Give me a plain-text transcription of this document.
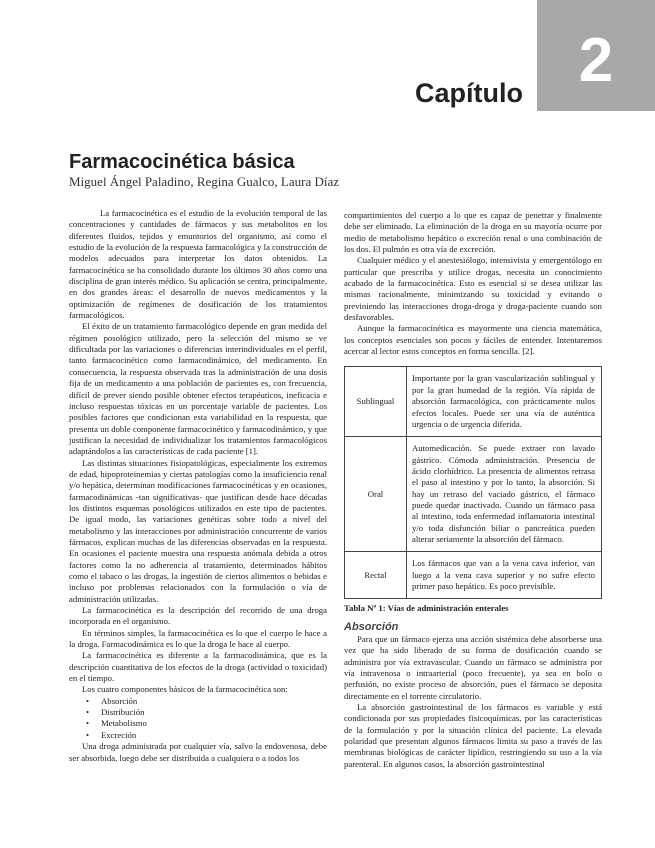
2
Capítulo
Farmacocinética básica
Miguel Ángel Paladino, Regina Gualco, Laura Díaz

La farmacocinética es el estudio de la evolución temporal de las concentraciones y cantidades de fármacos y sus metabolitos en los diferentes fluidos, tejidos y emuntorios del organismo, así como el estudio de la evolución de la respuesta farmacológica y la construcción de modelos adecuados para interpretar los datos obtenidos. La farmacocinética se ha consolidado durante los últimos 30 años como una disciplina de gran interés médico. Su aplicación se centra, principalmente, en dos grandes áreas: el desarrollo de nuevos medicamentos y la optimización de regímenes de dosificación de los tratamientos farmacológicos.

El éxito de un tratamiento farmacológico depende en gran medida del régimen posológico utilizado, pero la selección del mismo se ve dificultada por las variaciones o diferencias interindividuales en el perfil, tanto farmacocinético como farmacodinámico, del medicamento. En consecuencia, la respuesta observada tras la administración de una dosis fija de un medicamento a una población de pacientes es, con frecuencia, difícil de prever siendo posible obtener efectos terapéuticos, ineficacia e incluso respuestas tóxicas en un porcentaje variable de pacientes. Los posibles factores que condicionan esta variabilidad en la respuesta, que presenta un doble componente farmacocinético y farmacodinámico, y que justifican la necesidad de individualizar los tratamientos farmacológicos adaptándolos a las características de cada paciente [1].

Las distintas situaciones fisiopatológicas, especialmente los extremos de edad, hipoproteinemias y ciertas patologías como la insuficiencia renal y/o hepática, determinan modificaciones farmacocinéticas y en ocasiones, farmacodinámicas -tan significativas- que justifican desde hace décadas los distintos esquemas posológicos utilizados en este tipo de pacientes. De igual modo, las variaciones genéticas sobre todo a nivel del metabolismo y las interacciones por administración concurrente de varios fármacos, explican muchas de las diferencias observadas en la respuesta. En ocasiones el paciente muestra una respuesta anómala debida a otros factores como la no adherencia al tratamiento, determinados hábitos como el tabaco o las drogas, la ingestión de ciertos alimentos o bebidas e incluso por problemas relacionados con la formulación o vía de administración utilizadas.

La farmacocinética es la descripción del recorrido de una droga incorporada en el organismo.

En términos simples, la farmacocinética es lo que el cuerpo le hace a la droga. Farmacodinámica es lo que la droga le hace al cuerpo.

La farmacocinética es diferente a la farmacodinámica, que es la descripción cuantitativa de los efectos de la droga (actividad o toxicidad) en el tiempo.

Los cuatro componentes básicos de la farmacocinética son:

• Absorción
• Distribución
• Metabolismo
• Excreción

Una droga administrada por cualquier vía, salvo la endovenosa, debe ser absorbida, luego debe ser distribuida a cualquiera o a todos los

compartimientos del cuerpo a lo que es capaz de penetrar y finalmente debe ser eliminado. La eliminación de la droga en su mayoría ocurre por medio de metabolismo hepático o excreción renal o una combinación de los dos. El pulmón es otra vía de excreción.

Cualquier médico y el anestesiólogo, intensivista y emergentólogo en particular que prescriba y utilice drogas, necesita un conocimiento acabado de la farmacocinética. Esto es esencial si se desea utilizar las mismas racionalmente, minimizando su toxicidad y evitando o previniendo las interacciones droga-droga y droga-paciente cuando son desfavorables.

Aunque la farmacocinética es mayormente una ciencia matemática, los conceptos esenciales son pocos y fáciles de entender. Intentaremos acercar al lector estos conceptos en forma sencilla. [2].

Sublingual	Importante por la gran vascularización sublingual y por la gran humedad de la región. Vía rápida de absorción farmacológica, con prácticamente nulos efectos locales. Puede ser una vía de auténtica urgencia o de urgencia diferida.
Oral	Automedicación. Se puede extraer con lavado gástrico. Cómoda administración. Presencia de ácido clorhídrico. La presencia de alimentos retrasa el paso al intestino y por lo tanto, la absorción. Si hay un retraso del vaciado gástrico, el fármaco puede quedar inactivado. Cuando un fármaco pasa al intestino, toda enfermedad inflamatoria intestinal y/o toda disfunción biliar o pancreática pueden alterar seriamente la absorción del fármaco.
Rectal	Los fármacos que van a la vena cava inferior, van luego a la vena cava superior y no sufre efecto primer paso hepático. Es poco previsible.
Tabla Nº 1: Vías de administración enterales
Absorción

Para que un fármaco ejerza una acción sistémica debe absorberse una vez que ha sido liberado de su forma de dosificación cuando se administra por vía extravascular. Cuando un fármaco se administra por vía intravenosa o intraarterial (poco frecuente), ya sea en bolo o perfusión, no existe proceso de absorción, pues el fármaco se deposita directamente en el torrente circulatorio.

La absorción gastrointestinal de los fármacos es variable y está condicionada por sus propiedades fisicoquímicas, por las características de la formulación y por la situación clínica del paciente. La elevada polaridad que presentan algunos fármacos limita su paso a través de las membranas biológicas de carácter lipídico, restringiendo su uso a la vía parenteral. En algunos casos, la absorción gastrointestinal
